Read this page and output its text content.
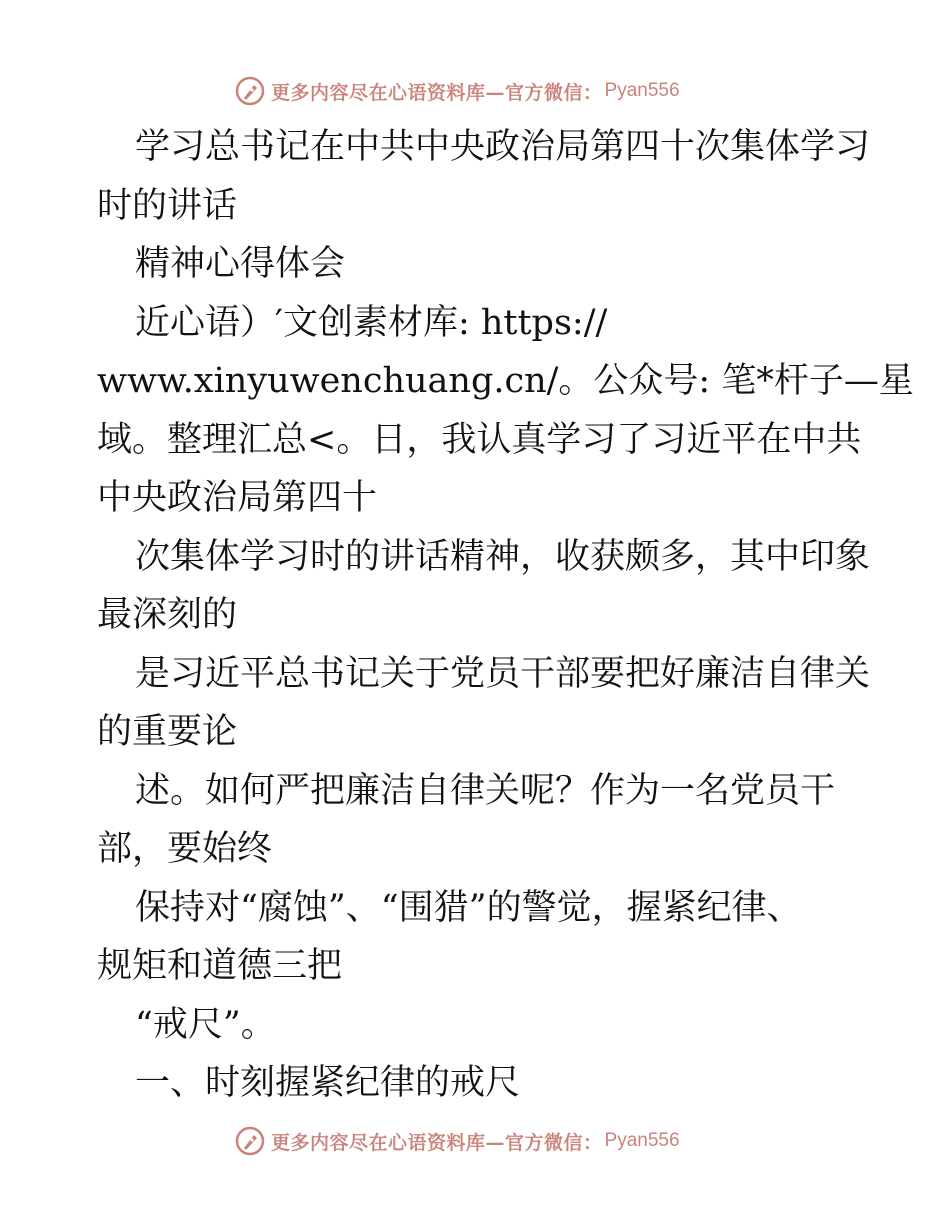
更多内容尽在心语资料库—官方微信： Pyan556
学习总书记在中共中央政治局第四十次集体学习
时的讲话
精神心得体会
近心语）′文创素材库: https://
www.xinyuwenchuang.cn/。公众号: 笔*杆子—星
域。整理汇总<。日，我认真学习了习近平在中共
中央政治局第四十
次集体学习时的讲话精神，收获颇多，其中印象
最深刻的
是习近平总书记关于党员干部要把好廉洁自律关
的重要论
述。如何严把廉洁自律关呢？作为一名党员干
部，要始终
保持对“腐蚀”、“围猎”的警觉，握紧纪律、
规矩和道德三把
“戒尺”。
一、时刻握紧纪律的戒尺
更多内容尽在心语资料库—官方微信： Pyan556
